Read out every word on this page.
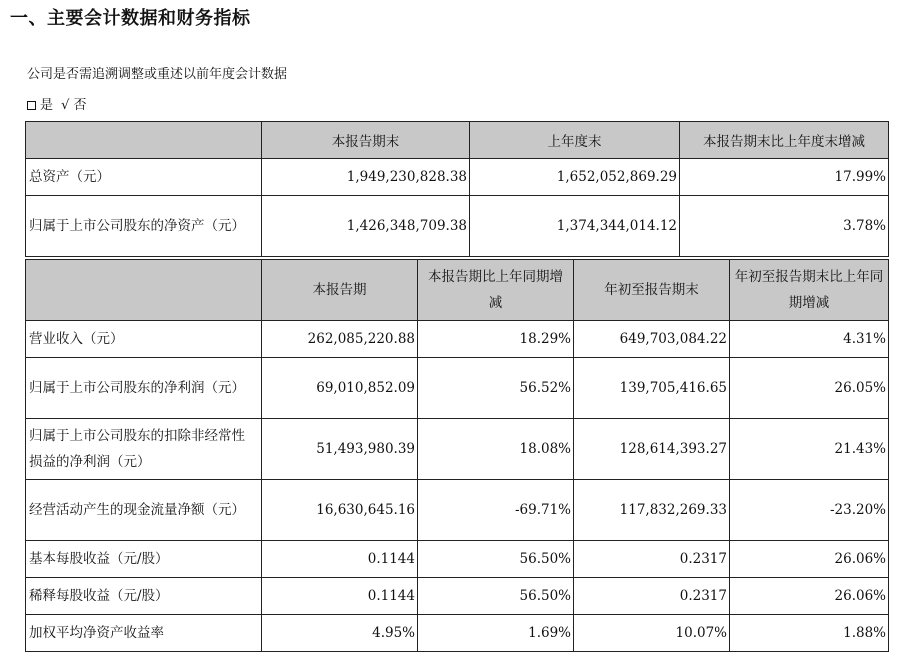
一、主要会计数据和财务指标
公司是否需追溯调整或重述以前年度会计数据
是 √ 否
	本报告期末	上年度末	本报告期末比上年度末增减
总资产（元）	1,949,230,828.38	1,652,052,869.29	17.99%
归属于上市公司股东的净资产（元）	1,426,348,709.38	1,374,344,014.12	3.78%
	本报告期	本报告期比上年同期增减	年初至报告期末	年初至报告期末比上年同期增减
营业收入（元）	262,085,220.88	18.29%	649,703,084.22	4.31%
归属于上市公司股东的净利润（元）	69,010,852.09	56.52%	139,705,416.65	26.05%
归属于上市公司股东的扣除非经常性损益的净利润（元）	51,493,980.39	18.08%	128,614,393.27	21.43%
经营活动产生的现金流量净额（元）	16,630,645.16	-69.71%	117,832,269.33	-23.20%
基本每股收益（元/股）	0.1144	56.50%	0.2317	26.06%
稀释每股收益（元/股）	0.1144	56.50%	0.2317	26.06%
加权平均净资产收益率	4.95%	1.69%	10.07%	1.88%
